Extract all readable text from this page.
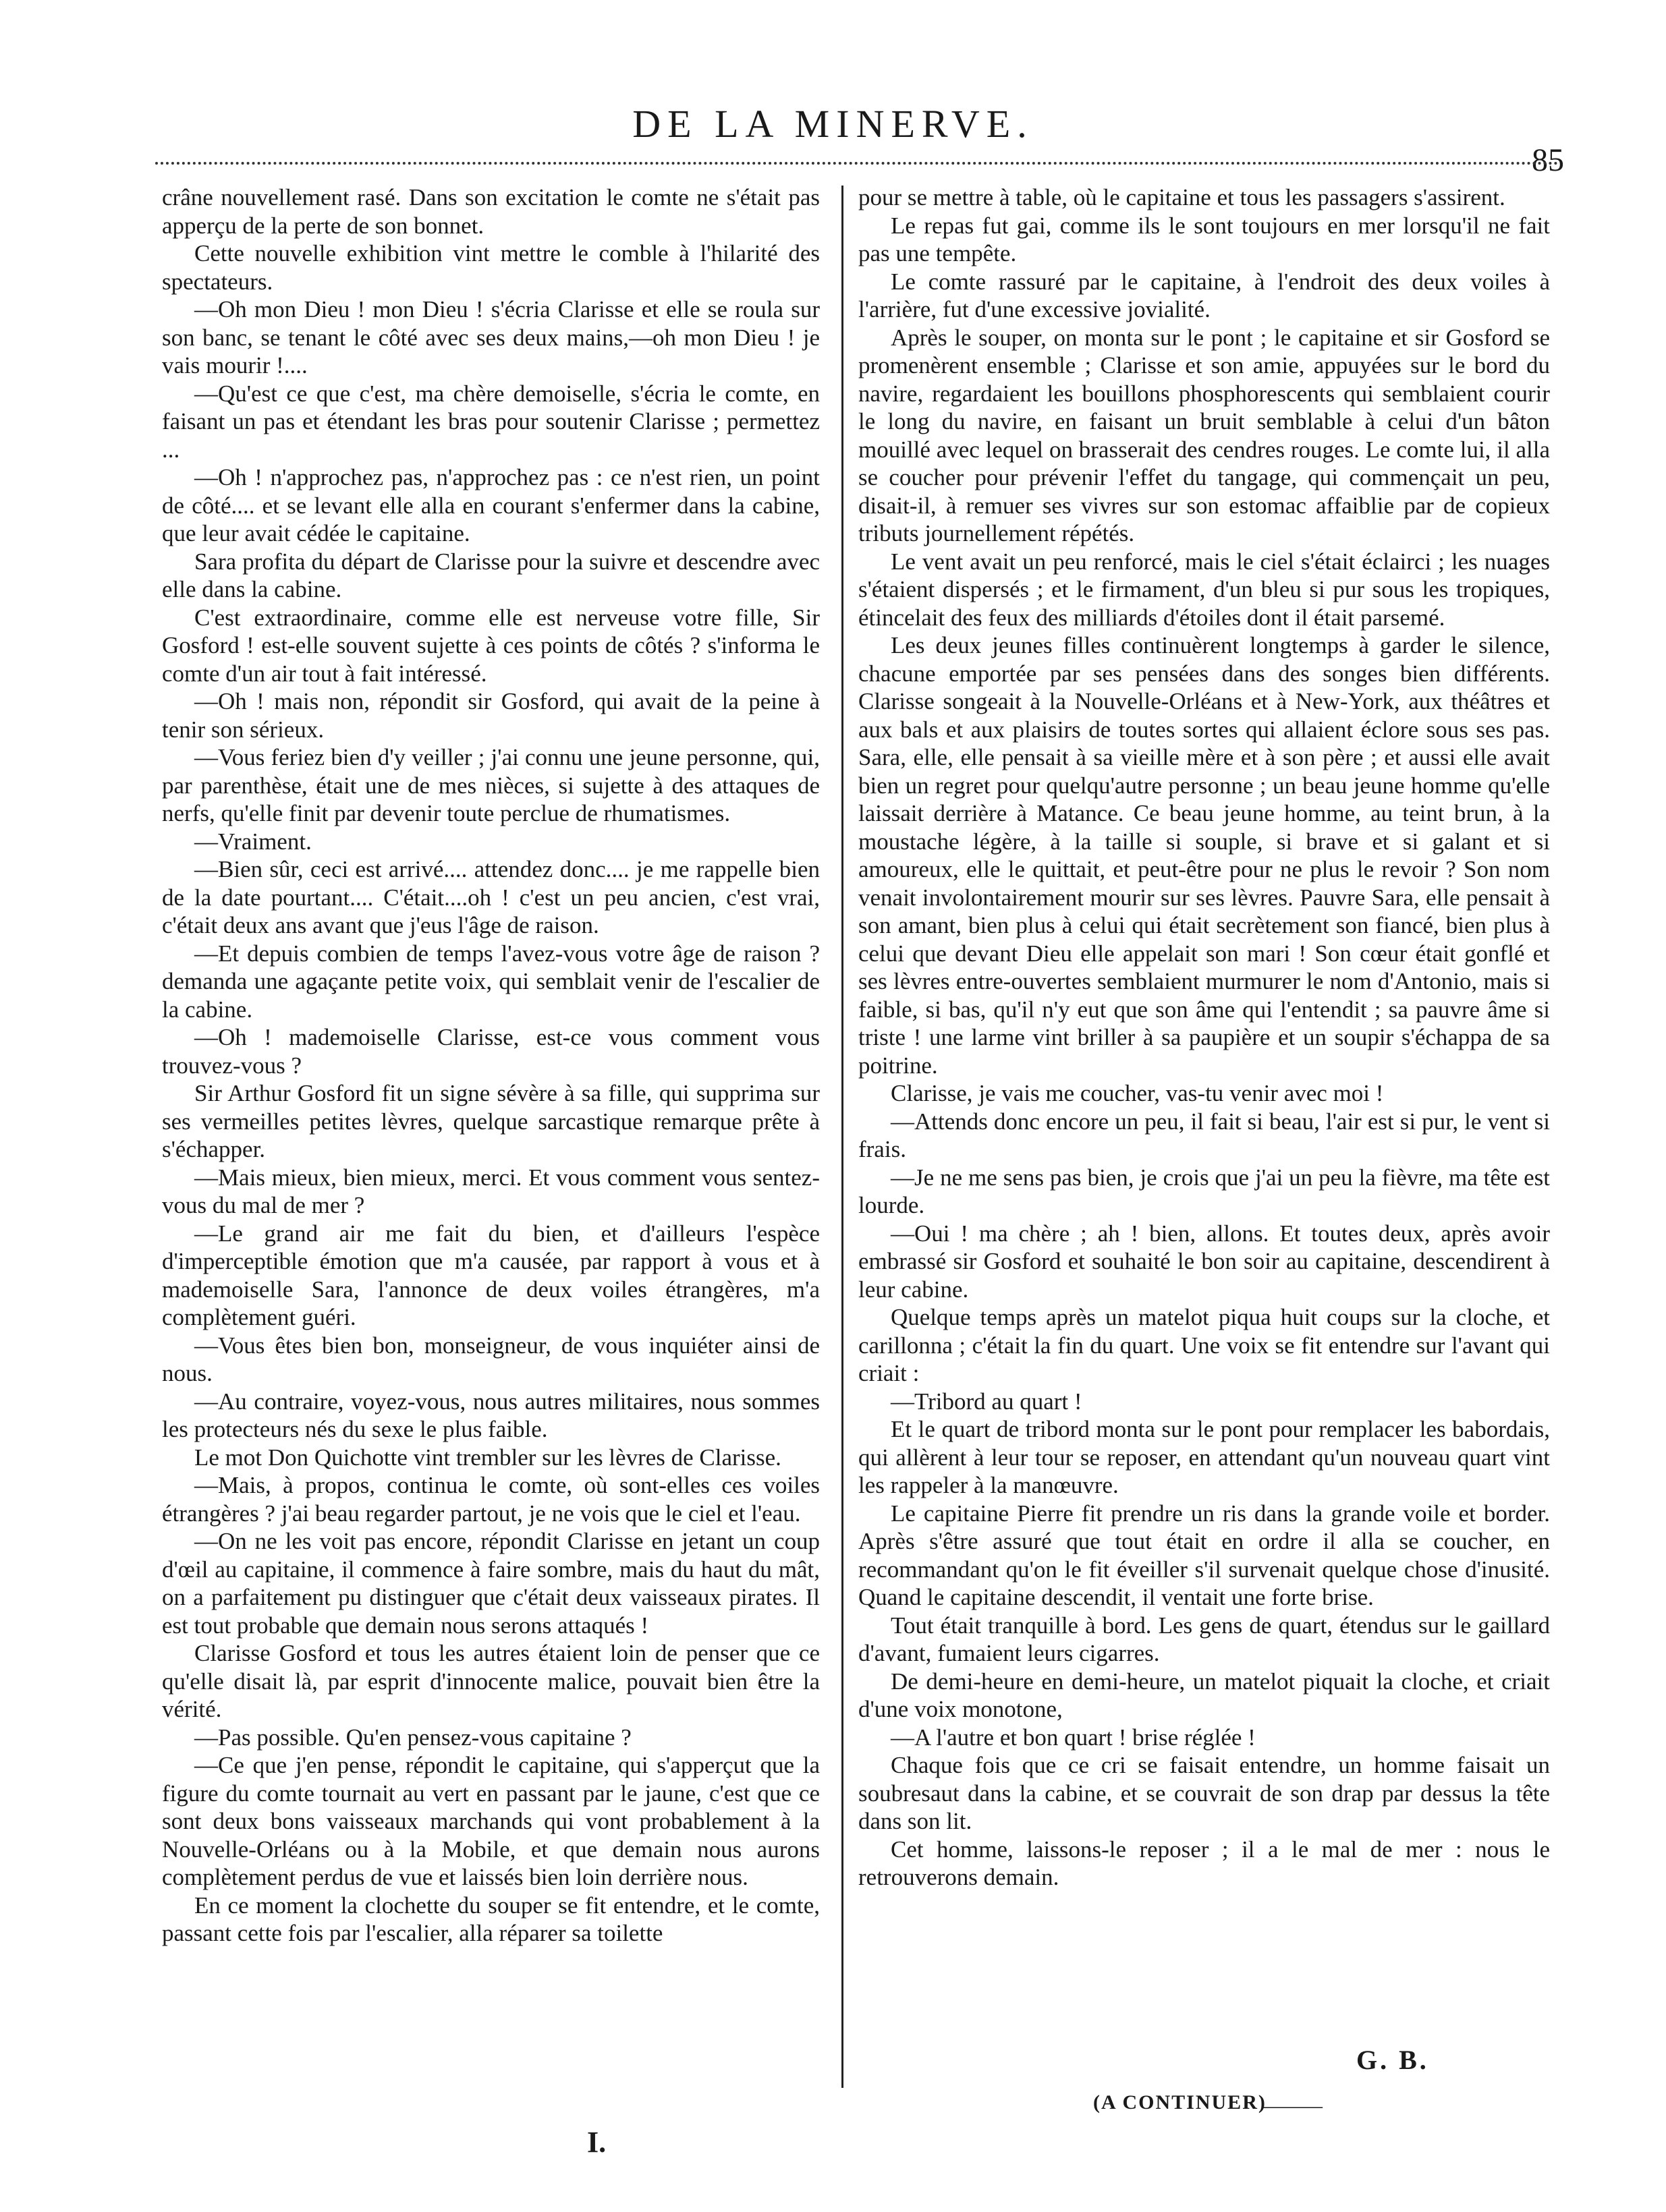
DE LA MINERVE.
85

crâne nouvellement rasé. Dans son excitation le comte ne s'était pas apperçu de la perte de son bonnet.

Cette nouvelle exhibition vint mettre le comble à l'hilarité des spectateurs.

—Oh mon Dieu ! mon Dieu ! s'écria Clarisse et elle se roula sur son banc, se tenant le côté avec ses deux mains,—oh mon Dieu ! je vais mourir !....

—Qu'est ce que c'est, ma chère demoiselle, s'écria le comte, en faisant un pas et étendant les bras pour soutenir Clarisse ; permettez ...

—Oh ! n'approchez pas, n'approchez pas : ce n'est rien, un point de côté.... et se levant elle alla en courant s'enfermer dans la cabine, que leur avait cédée le capitaine.

Sara profita du départ de Clarisse pour la suivre et descendre avec elle dans la cabine.

C'est extraordinaire, comme elle est nerveuse votre fille, Sir Gosford ! est-elle souvent sujette à ces points de côtés ? s'informa le comte d'un air tout à fait intéressé.

—Oh ! mais non, répondit sir Gosford, qui avait de la peine à tenir son sérieux.

—Vous feriez bien d'y veiller ; j'ai connu une jeune personne, qui, par parenthèse, était une de mes nièces, si sujette à des attaques de nerfs, qu'elle finit par devenir toute perclue de rhumatismes.

—Vraiment.

—Bien sûr, ceci est arrivé.... attendez donc.... je me rappelle bien de la date pourtant.... C'était....oh ! c'est un peu ancien, c'est vrai, c'était deux ans avant que j'eus l'âge de raison.

—Et depuis combien de temps l'avez-vous votre âge de raison ? demanda une agaçante petite voix, qui semblait venir de l'escalier de la cabine.

—Oh ! mademoiselle Clarisse, est-ce vous comment vous trouvez-vous ?

Sir Arthur Gosford fit un signe sévère à sa fille, qui supprima sur ses vermeilles petites lèvres, quelque sarcastique remarque prête à s'échapper.

—Mais mieux, bien mieux, merci. Et vous comment vous sentez-vous du mal de mer ?

—Le grand air me fait du bien, et d'ailleurs l'espèce d'imperceptible émotion que m'a causée, par rapport à vous et à mademoiselle Sara, l'annonce de deux voiles étrangères, m'a complètement guéri.

—Vous êtes bien bon, monseigneur, de vous inquiéter ainsi de nous.

—Au contraire, voyez-vous, nous autres militaires, nous sommes les protecteurs nés du sexe le plus faible.

Le mot Don Quichotte vint trembler sur les lèvres de Clarisse.

—Mais, à propos, continua le comte, où sont-elles ces voiles étrangères ? j'ai beau regarder partout, je ne vois que le ciel et l'eau.

—On ne les voit pas encore, répondit Clarisse en jetant un coup d'œil au capitaine, il commence à faire sombre, mais du haut du mât, on a parfaitement pu distinguer que c'était deux vaisseaux pirates. Il est tout probable que demain nous serons attaqués !

Clarisse Gosford et tous les autres étaient loin de penser que ce qu'elle disait là, par esprit d'innocente malice, pouvait bien être la vérité.

—Pas possible. Qu'en pensez-vous capitaine ?

—Ce que j'en pense, répondit le capitaine, qui s'apperçut que la figure du comte tournait au vert en passant par le jaune, c'est que ce sont deux bons vaisseaux marchands qui vont probablement à la Nouvelle-Orléans ou à la Mobile, et que demain nous aurons complètement perdus de vue et laissés bien loin derrière nous.

En ce moment la clochette du souper se fit entendre, et le comte, passant cette fois par l'escalier, alla réparer sa toilette

pour se mettre à table, où le capitaine et tous les passagers s'assirent.

Le repas fut gai, comme ils le sont toujours en mer lorsqu'il ne fait pas une tempête.

Le comte rassuré par le capitaine, à l'endroit des deux voiles à l'arrière, fut d'une excessive jovialité.

Après le souper, on monta sur le pont ; le capitaine et sir Gosford se promenèrent ensemble ; Clarisse et son amie, appuyées sur le bord du navire, regardaient les bouillons phosphorescents qui semblaient courir le long du navire, en faisant un bruit semblable à celui d'un bâton mouillé avec lequel on brasserait des cendres rouges. Le comte lui, il alla se coucher pour prévenir l'effet du tangage, qui commençait un peu, disait-il, à remuer ses vivres sur son estomac affaiblie par de copieux tributs journellement répétés.

Le vent avait un peu renforcé, mais le ciel s'était éclairci ; les nuages s'étaient dispersés ; et le firmament, d'un bleu si pur sous les tropiques, étincelait des feux des milliards d'étoiles dont il était parsemé.

Les deux jeunes filles continuèrent longtemps à garder le silence, chacune emportée par ses pensées dans des songes bien différents. Clarisse songeait à la Nouvelle-Orléans et à New-York, aux théâtres et aux bals et aux plaisirs de toutes sortes qui allaient éclore sous ses pas. Sara, elle, elle pensait à sa vieille mère et à son père ; et aussi elle avait bien un regret pour quelqu'autre personne ; un beau jeune homme qu'elle laissait derrière à Matance. Ce beau jeune homme, au teint brun, à la moustache légère, à la taille si souple, si brave et si galant et si amoureux, elle le quittait, et peut-être pour ne plus le revoir ? Son nom venait involontairement mourir sur ses lèvres. Pauvre Sara, elle pensait à son amant, bien plus à celui qui était secrètement son fiancé, bien plus à celui que devant Dieu elle appelait son mari ! Son cœur était gonflé et ses lèvres entre-ouvertes semblaient murmurer le nom d'Antonio, mais si faible, si bas, qu'il n'y eut que son âme qui l'entendit ; sa pauvre âme si triste ! une larme vint briller à sa paupière et un soupir s'échappa de sa poitrine.

Clarisse, je vais me coucher, vas-tu venir avec moi !

—Attends donc encore un peu, il fait si beau, l'air est si pur, le vent si frais.

—Je ne me sens pas bien, je crois que j'ai un peu la fièvre, ma tête est lourde.

—Oui ! ma chère ; ah ! bien, allons. Et toutes deux, après avoir embrassé sir Gosford et souhaité le bon soir au capitaine, descendirent à leur cabine.

Quelque temps après un matelot piqua huit coups sur la cloche, et carillonna ; c'était la fin du quart. Une voix se fit entendre sur l'avant qui criait :

—Tribord au quart !

Et le quart de tribord monta sur le pont pour remplacer les babordais, qui allèrent à leur tour se reposer, en attendant qu'un nouveau quart vint les rappeler à la manœuvre.

Le capitaine Pierre fit prendre un ris dans la grande voile et border. Après s'être assuré que tout était en ordre il alla se coucher, en recommandant qu'on le fit éveiller s'il survenait quelque chose d'inusité. Quand le capitaine descendit, il ventait une forte brise.

Tout était tranquille à bord. Les gens de quart, étendus sur le gaillard d'avant, fumaient leurs cigarres.

De demi-heure en demi-heure, un matelot piquait la cloche, et criait d'une voix monotone,

—A l'autre et bon quart ! brise réglée !

Chaque fois que ce cri se faisait entendre, un homme faisait un soubresaut dans la cabine, et se couvrait de son drap par dessus la tête dans son lit.

Cet homme, laissons-le reposer ; il a le mal de mer : nous le retrouverons demain.

G. B.
(A CONTINUER)
———
I.
